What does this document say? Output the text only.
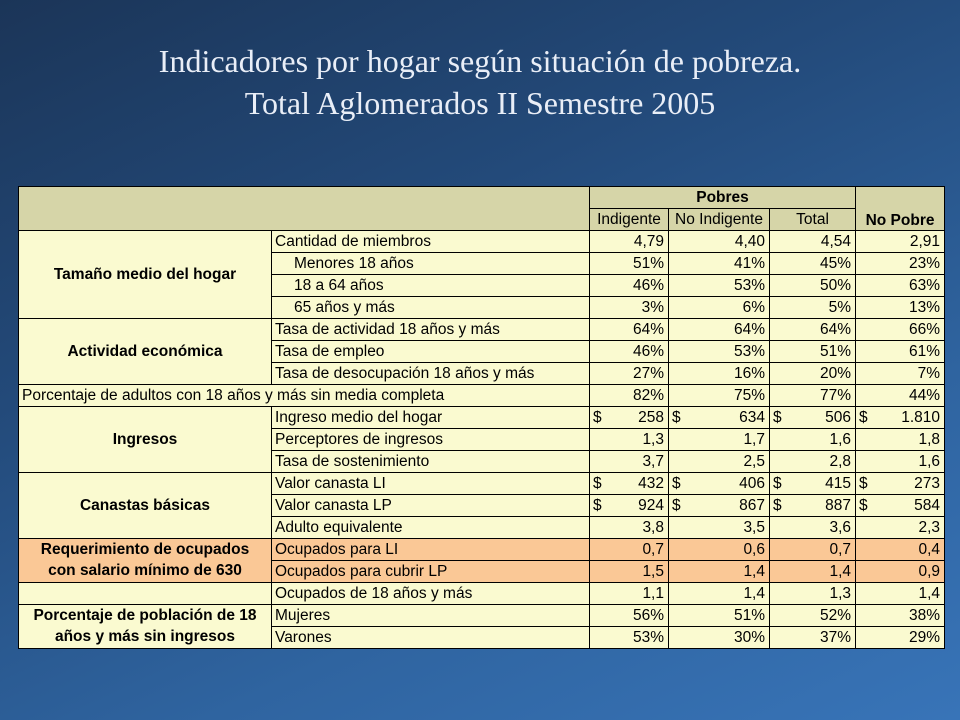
Indicadores por hogar según situación de pobreza.
Total Aglomerados II Semestre 2005
		Pobres			No Pobre
		Indigente	No Indigente	Total	
Tamaño medio del hogar	Cantidad de miembros	4,79	4,40	4,54	2,91
	Menores 18 años	51%	41%	45%	23%
	18 a 64 años	46%	53%	50%	63%
	65 años y más	3%	6%	5%	13%
Actividad económica	Tasa de actividad 18 años y más	64%	64%	64%	66%
	Tasa de empleo	46%	53%	51%	61%
	Tasa de desocupación 18 años y más	27%	16%	20%	7%
Porcentaje de adultos con 18 años y más sin media completa		82%	75%	77%	44%
Ingresos	Ingreso medio del hogar	$ 258	$ 634	$ 506	$ 1.810

	Perceptores de ingresos	1,3	1,7	1,6	1,8
	Tasa de sostenimiento	3,7	2,5	2,8	1,6
Canastas básicas	Valor canasta LI	$ 432	$ 406	$ 415	$ 273

	Valor canasta LP	$ 924	$ 867	$ 887	$ 584

	Adulto equivalente	3,8	3,5	3,6	2,3
Requerimiento de ocupados	Ocupados para LI	0,7	0,6	0,7	0,4
con salario mínimo de 630	Ocupados para cubrir LP	1,5	1,4	1,4	0,9
	Ocupados de 18 años y más	1,1	1,4	1,3	1,4
Porcentaje de población de 18	Mujeres	56%	51%	52%	38%
años y más sin ingresos	Varones	53%	30%	37%	29%
